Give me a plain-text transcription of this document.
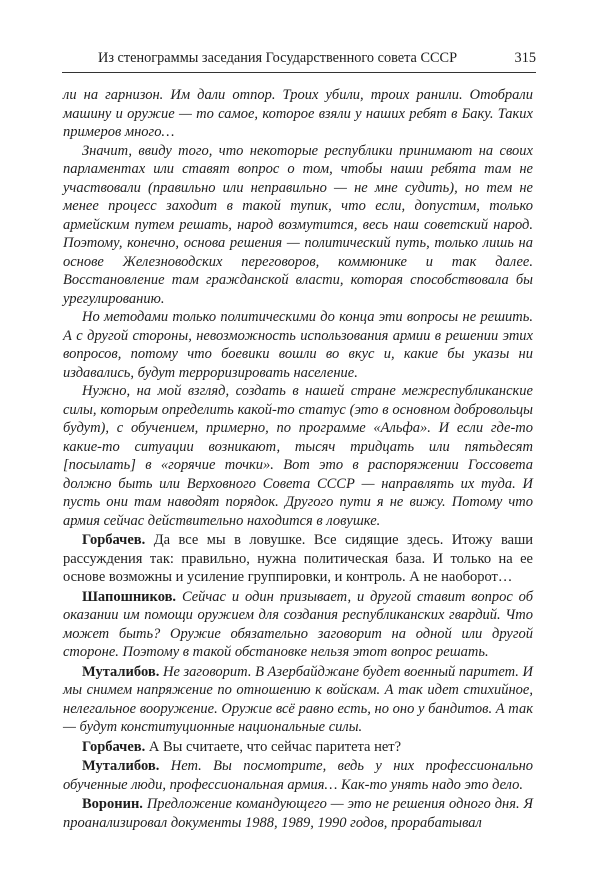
Из стенограммы заседания Государственного совета СССР	315

ли на гарнизон. Им дали отпор. Троих убили, троих ранили. Отобрали машину и оружие — то самое, которое взяли у наших ребят в Баку. Таких примеров много…

Значит, ввиду того, что некоторые республики принимают на своих парламентах или ставят вопрос о том, чтобы наши ребята там не участвовали (правильно или неправильно — не мне судить), но тем не менее процесс заходит в такой тупик, что если, допустим, только армейским путем решать, народ возмутится, весь наш советский народ. Поэтому, конечно, основа решения — политический путь, только лишь на основе Железноводских переговоров, коммюнике и так далее. Восстановление там гражданской власти, которая способствовала бы урегулированию.

Но методами только политическими до конца эти вопросы не решить. А с другой стороны, невозможность использования армии в решении этих вопросов, потому что боевики вошли во вкус и, какие бы указы ни издавались, будут терроризировать население.

Нужно, на мой взгляд, создать в нашей стране межреспубликанские силы, которым определить какой-то статус (это в основном добровольцы будут), с обучением, примерно, по программе «Альфа». И если где-то какие-то ситуации возникают, тысяч тридцать или пятьдесят [посылать] в «горячие точки». Вот это в распоряжении Госсовета должно быть или Верховного Совета СССР — направлять их туда. И пусть они там наводят порядок. Другого пути я не вижу. Потому что армия сейчас действительно находится в ловушке.

Горбачев. Да все мы в ловушке. Все сидящие здесь. Итожу ваши рассуждения так: правильно, нужна политическая база. И только на ее основе возможны и усиление группировки, и контроль. А не наоборот…

Шапошников. Сейчас и один призывает, и другой ставит вопрос об оказании им помощи оружием для создания республиканских гвардий. Что может быть? Оружие обязательно заговорит на одной или другой стороне. Поэтому в такой обстановке нельзя этот вопрос решать.

Муталибов. Не заговорит. В Азербайджане будет военный паритет. И мы снимем напряжение по отношению к войскам. А так идет стихийное, нелегальное вооружение. Оружие всё равно есть, но оно у бандитов. А так — будут конституционные национальные силы.

Горбачев. А Вы считаете, что сейчас паритета нет?

Муталибов. Нет. Вы посмотрите, ведь у них профессионально обученные люди, профессиональная армия… Как-то унять надо это дело.

Воронин. Предложение командующего — это не решения одного дня. Я проанализировал документы 1988, 1989, 1990 годов, прорабатывал
